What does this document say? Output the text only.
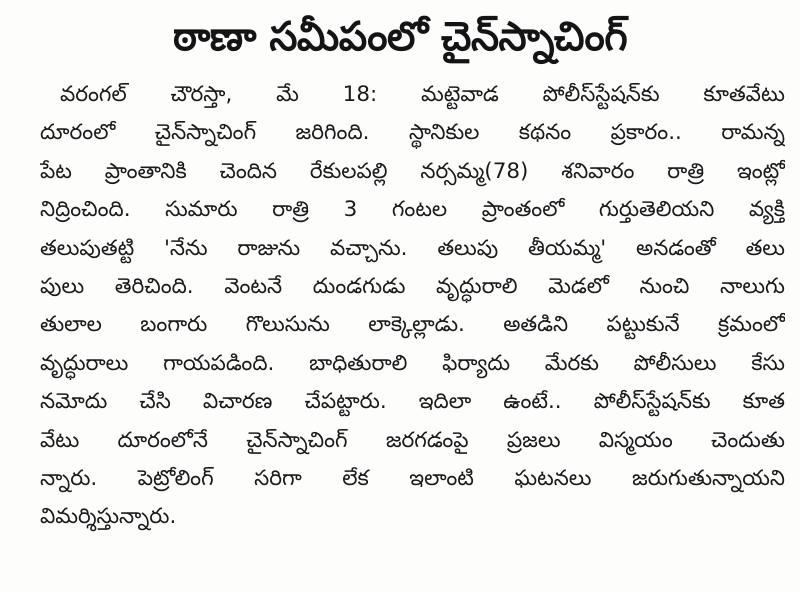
ఠాణా సమీపంలో చైన్‌స్నాచింగ్
వరంగల్ చౌరస్తా, మే 18: మట్టెవాడ పోలీస్‌స్టేషన్‌కు కూతవేటు
దూరంలో చైన్‌స్నాచింగ్ జరిగింది. స్థానికుల కథనం ప్రకారం.. రామన్న
పేట ప్రాంతానికి చెందిన రేకులపల్లి నర్సమ్మ(78) శనివారం రాత్రి ఇంట్లో
నిద్రించింది. సుమారు రాత్రి 3 గంటల ప్రాంతంలో గుర్తుతెలియని వ్యక్తి
తలుపుతట్టి 'నేను రాజును వచ్చాను. తలుపు తీయమ్మ' అనడంతో తలు
పులు తెరిచింది. వెంటనే దుండగుడు వృద్ధురాలి మెడలో నుంచి నాలుగు
తులాల బంగారు గొలుసును లాక్కెల్లాడు. అతడిని పట్టుకునే క్రమంలో
వృద్ధురాలు గాయపడింది. బాధితురాలి ఫిర్యాదు మేరకు పోలీసులు కేసు
నమోదు చేసి విచారణ చేపట్టారు. ఇదిలా ఉంటే.. పోలీస్‌స్టేషన్‌కు కూత
వేటు దూరంలోనే చైన్‌స్నాచింగ్ జరగడంపై ప్రజలు విస్మయం చెందుతు
న్నారు. పెట్రోలింగ్ సరిగా లేక ఇలాంటి ఘటనలు జరుగుతున్నాయని
విమర్శిస్తున్నారు.
